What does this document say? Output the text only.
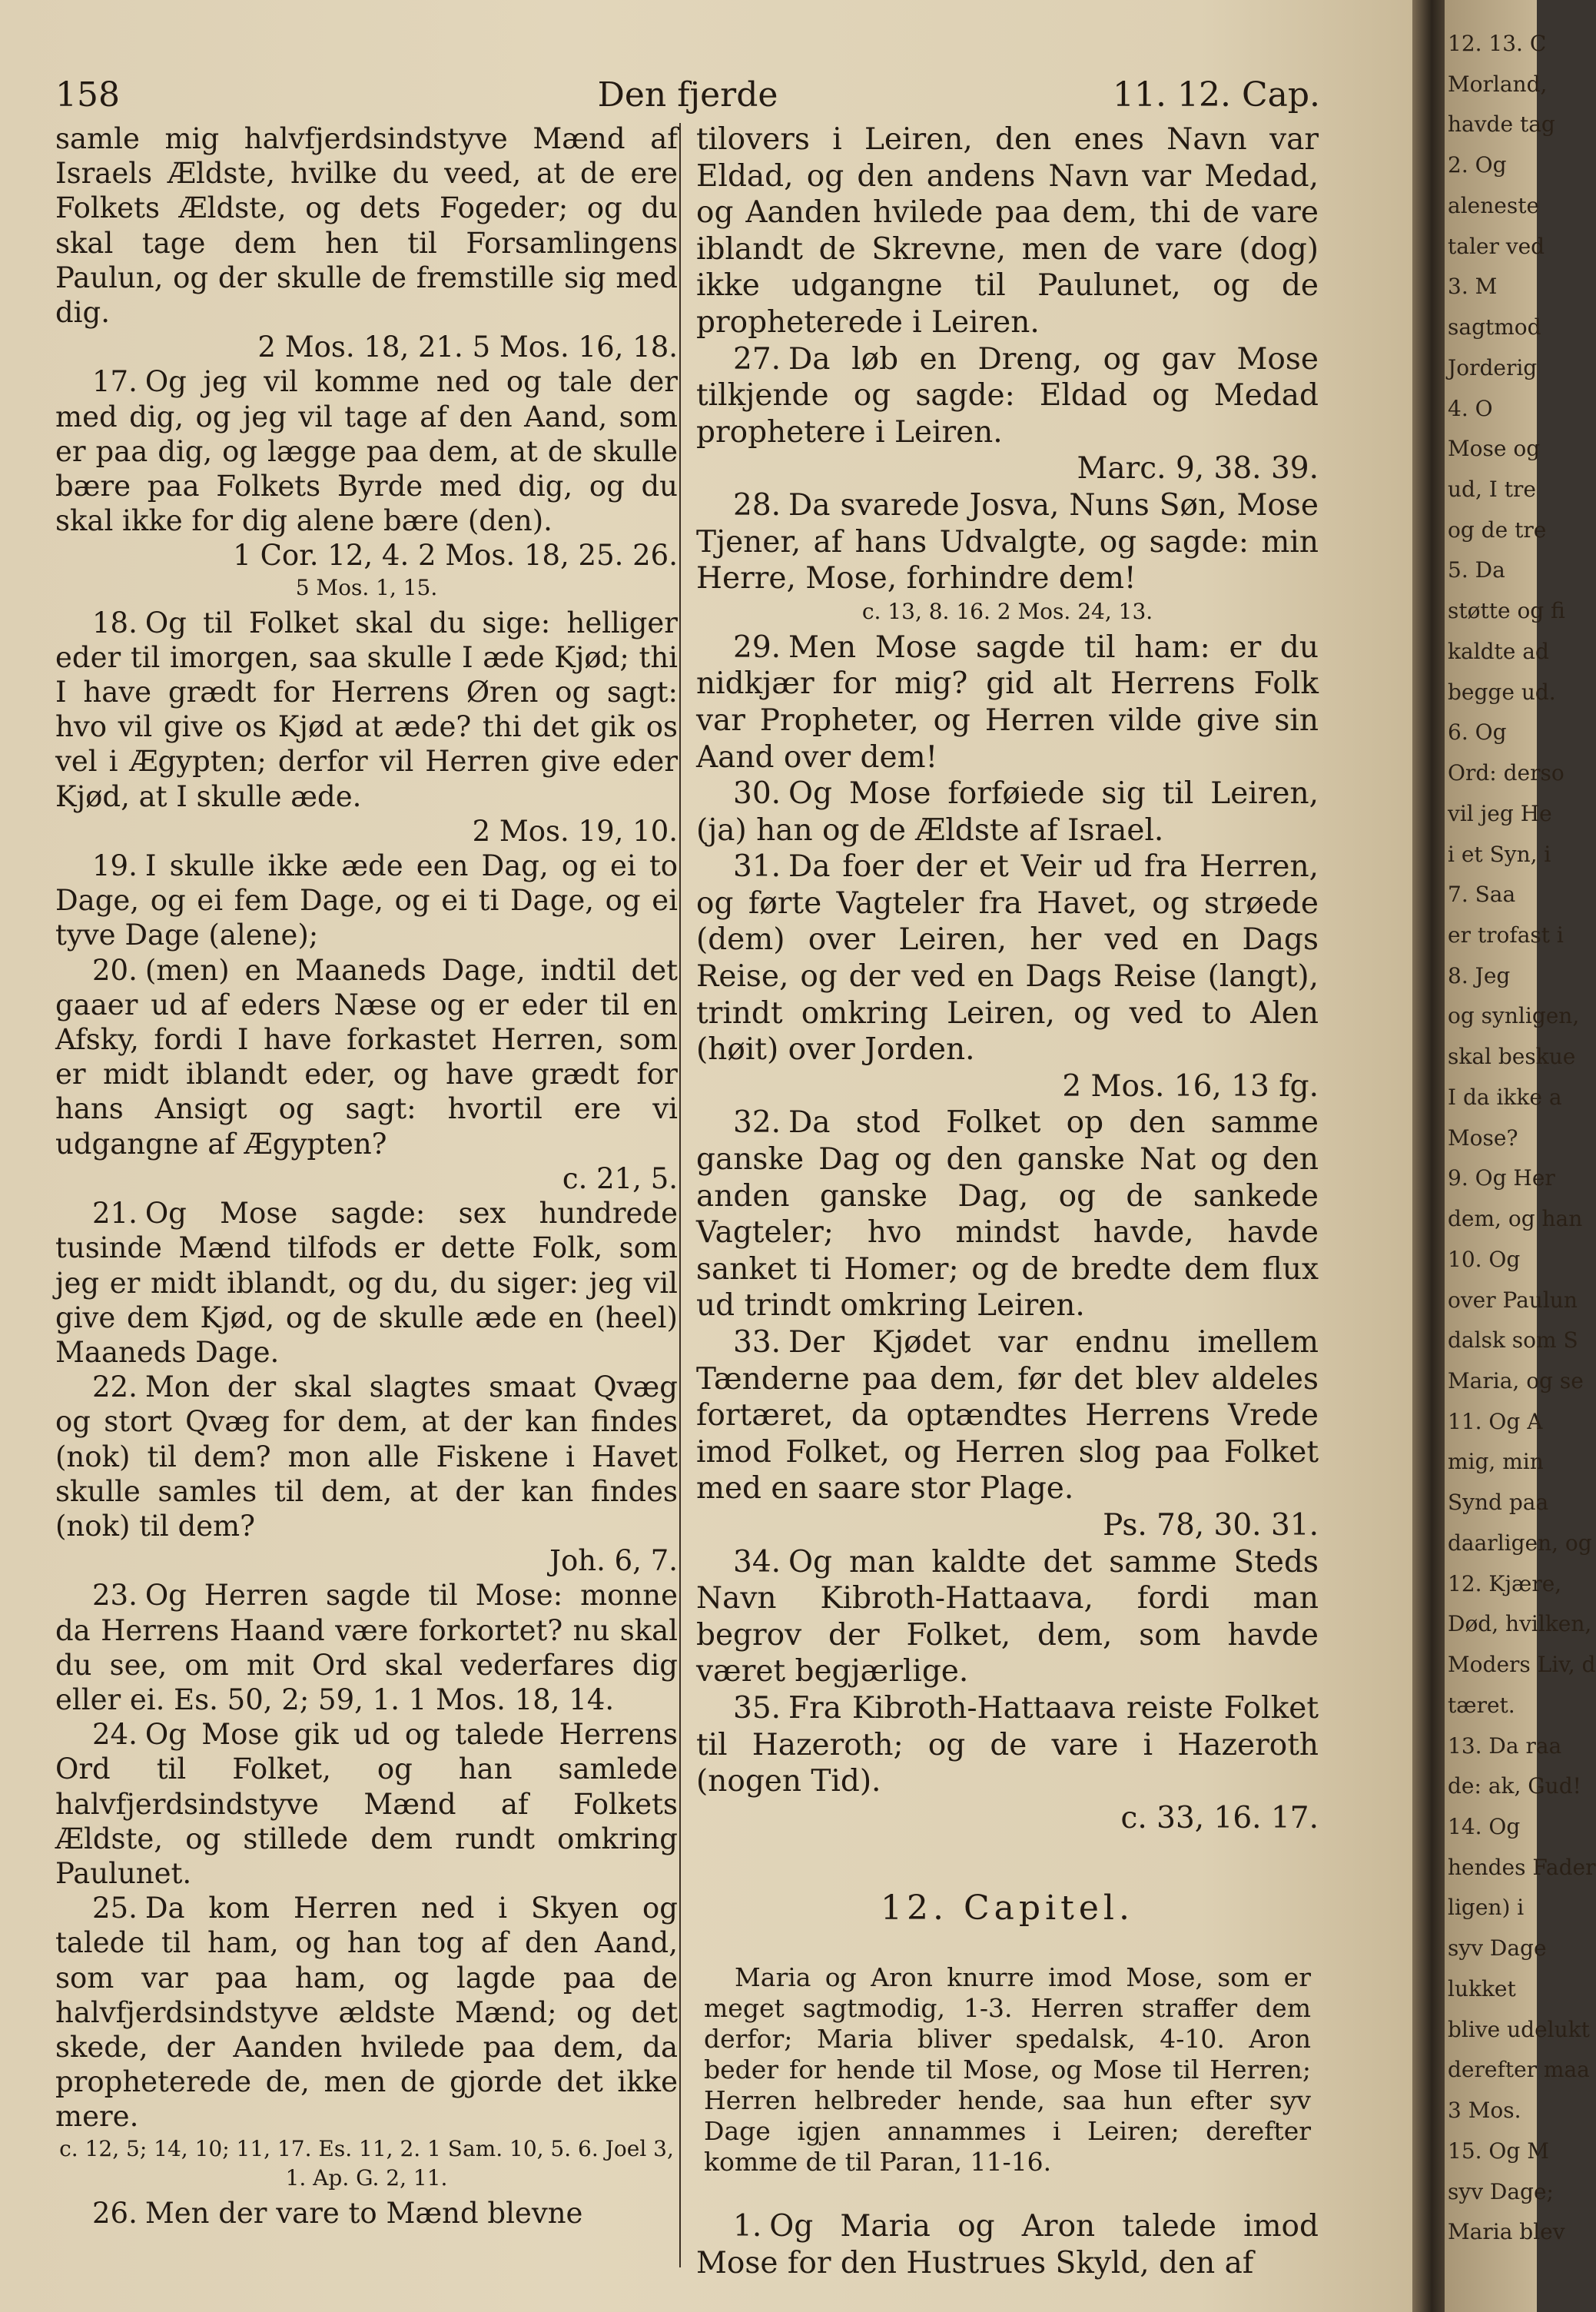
158	Den fjerde	11. 12. Cap.

samle mig halvfjerdsindstyve Mænd af Israels Ældste, hvilke du veed, at de ere Folkets Ældste, og dets Fogeder; og du skal tage dem hen til Forsamlingens Paulun, og der skulle de fremstille sig med dig.

2 Mos. 18, 21. 5 Mos. 16, 18.

17. Og jeg vil komme ned og tale der med dig, og jeg vil tage af den Aand, som er paa dig, og lægge paa dem, at de skulle bære paa Folkets Byrde med dig, og du skal ikke for dig alene bære (den).

1 Cor. 12, 4. 2 Mos. 18, 25. 26.

5 Mos. 1, 15.

18. Og til Folket skal du sige: helliger eder til imorgen, saa skulle I æde Kjød; thi I have grædt for Herrens Øren og sagt: hvo vil give os Kjød at æde? thi det gik os vel i Ægypten; derfor vil Herren give eder Kjød, at I skulle æde.

2 Mos. 19, 10.

19. I skulle ikke æde een Dag, og ei to Dage, og ei fem Dage, og ei ti Dage, og ei tyve Dage (alene);

20. (men) en Maaneds Dage, indtil det gaaer ud af eders Næse og er eder til en Afsky, fordi I have forkastet Herren, som er midt iblandt eder, og have grædt for hans Ansigt og sagt: hvortil ere vi udgangne af Ægypten?

c. 21, 5.

21. Og Mose sagde: sex hundrede tusinde Mænd tilfods er dette Folk, som jeg er midt iblandt, og du, du siger: jeg vil give dem Kjød, og de skulle æde en (heel) Maaneds Dage.

22. Mon der skal slagtes smaat Qvæg og stort Qvæg for dem, at der kan findes (nok) til dem? mon alle Fiskene i Havet skulle samles til dem, at der kan findes (nok) til dem?

Joh. 6, 7.

23. Og Herren sagde til Mose: monne da Herrens Haand være forkortet? nu skal du see, om mit Ord skal vederfares dig eller ei. Es. 50, 2; 59, 1. 1 Mos. 18, 14.

24. Og Mose gik ud og talede Herrens Ord til Folket, og han samlede halvfjerdsindstyve Mænd af Folkets Ældste, og stillede dem rundt omkring Paulunet.

25. Da kom Herren ned i Skyen og talede til ham, og han tog af den Aand, som var paa ham, og lagde paa de halvfjerdsindstyve ældste Mænd; og det skede, der Aanden hvilede paa dem, da propheterede de, men de gjorde det ikke mere.

c. 12, 5; 14, 10; 11, 17. Es. 11, 2. 1 Sam. 10, 5. 6. Joel 3, 1. Ap. G. 2, 11.

26. Men der vare to Mænd blevne

tilovers i Leiren, den enes Navn var Eldad, og den andens Navn var Medad, og Aanden hvilede paa dem, thi de vare iblandt de Skrevne, men de vare (dog) ikke udgangne til Paulunet, og de propheterede i Leiren.

27. Da løb en Dreng, og gav Mose tilkjende og sagde: Eldad og Medad prophetere i Leiren.

Marc. 9, 38. 39.

28. Da svarede Josva, Nuns Søn, Mose Tjener, af hans Udvalgte, og sagde: min Herre, Mose, forhindre dem!

c. 13, 8. 16. 2 Mos. 24, 13.

29. Men Mose sagde til ham: er du nidkjær for mig? gid alt Herrens Folk var Propheter, og Herren vilde give sin Aand over dem!

30. Og Mose forføiede sig til Leiren, (ja) han og de Ældste af Israel.

31. Da foer der et Veir ud fra Herren, og førte Vagteler fra Havet, og strøede (dem) over Leiren, her ved en Dags Reise, og der ved en Dags Reise (langt), trindt omkring Leiren, og ved to Alen (høit) over Jorden.

2 Mos. 16, 13 fg.

32. Da stod Folket op den samme ganske Dag og den ganske Nat og den anden ganske Dag, og de sankede Vagteler; hvo mindst havde, havde sanket ti Homer; og de bredte dem flux ud trindt omkring Leiren.

33. Der Kjødet var endnu imellem Tænderne paa dem, før det blev aldeles fortæret, da optændtes Herrens Vrede imod Folket, og Herren slog paa Folket med en saare stor Plage.

Ps. 78, 30. 31.

34. Og man kaldte det samme Steds Navn Kibroth-Hattaava, fordi man begrov der Folket, dem, som havde været begjærlige.

35. Fra Kibroth-Hattaava reiste Folket til Hazeroth; og de vare i Hazeroth (nogen Tid).

c. 33, 16. 17.
12. Capitel.

Maria og Aron knurre imod Mose, som er meget sagtmodig, 1-3. Herren straffer dem derfor; Maria bliver spedalsk, 4-10. Aron beder for hende til Mose, og Mose til Herren; Herren helbreder hende, saa hun efter syv Dage igjen annammes i Leiren; derefter komme de til Paran, 11-16.

1. Og Maria og Aron talede imod Mose for den Hustrues Skyld, den af

12. 13. C
Morland,
havde tag
2. Og
aleneste
taler ved
3. M
sagtmod
Jorderig
4. O
Mose og
ud, I tre
og de tre
5. Da
støtte og fi
kaldte ad
begge ud.
6. Og
Ord: derso
vil jeg He
i et Syn, i
7. Saa
er trofast i
8. Jeg
og synligen,
skal beskue
I da ikke a
Mose?
9. Og Her
dem, og han
10. Og
over Paulun
dalsk som S
Maria, og se
11. Og A
mig, min
Synd paa
daarligen, og
12. Kjære,
Død, hvilken,
Moders Liv, d
tæret.
13. Da raa
de: ak, Gud!
14. Og
hendes Fader
ligen) i
syv Dage
lukket
blive udelukt
derefter maa
3 Mos.
15. Og M
syv Dage;
Maria blev
